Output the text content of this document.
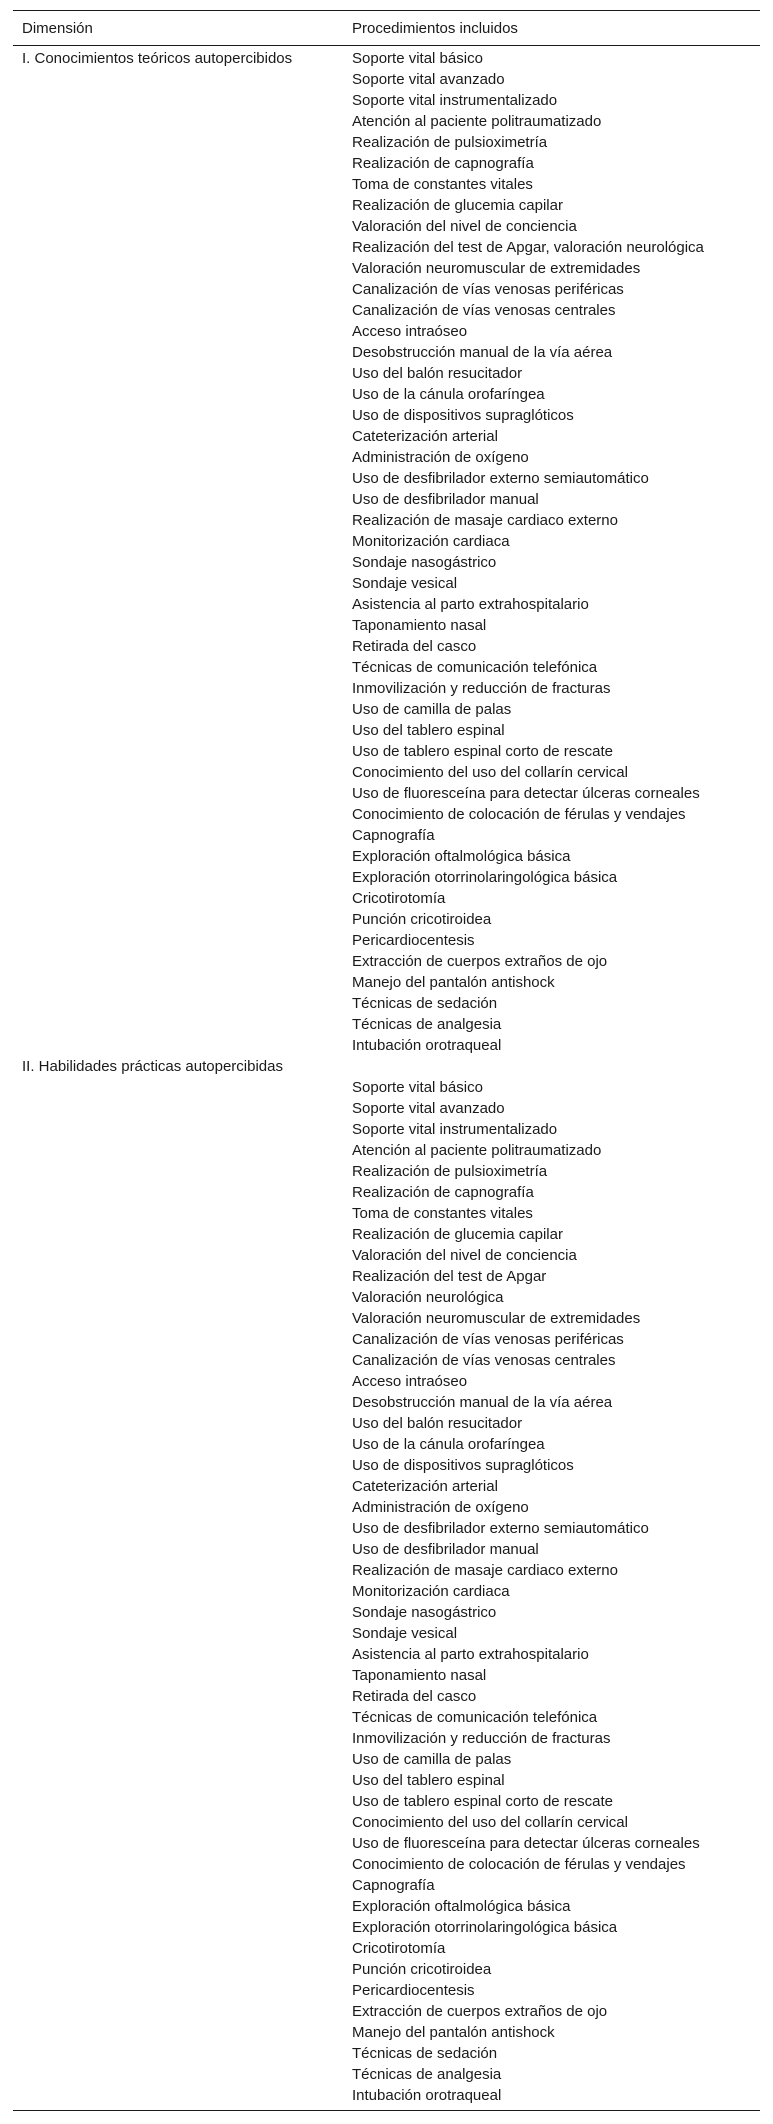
Dimensión	Procedimientos incluidos
I. Conocimientos teóricos autopercibidos	Soporte vital básico
Soporte vital avanzado
Soporte vital instrumentalizado
Atención al paciente politraumatizado
Realización de pulsioximetría
Realización de capnografía
Toma de constantes vitales
Realización de glucemia capilar
Valoración del nivel de conciencia
Realización del test de Apgar, valoración neurológica
Valoración neuromuscular de extremidades
Canalización de vías venosas periféricas
Canalización de vías venosas centrales
Acceso intraóseo
Desobstrucción manual de la vía aérea
Uso del balón resucitador
Uso de la cánula orofaríngea
Uso de dispositivos supraglóticos
Cateterización arterial
Administración de oxígeno
Uso de desfibrilador externo semiautomático
Uso de desfibrilador manual
Realización de masaje cardiaco externo
Monitorización cardiaca
Sondaje nasogástrico
Sondaje vesical
Asistencia al parto extrahospitalario
Taponamiento nasal
Retirada del casco
Técnicas de comunicación telefónica
Inmovilización y reducción de fracturas
Uso de camilla de palas
Uso del tablero espinal
Uso de tablero espinal corto de rescate
Conocimiento del uso del collarín cervical
Uso de fluoresceína para detectar úlceras corneales
Conocimiento de colocación de férulas y vendajes
Capnografía
Exploración oftalmológica básica
Exploración otorrinolaringológica básica
Cricotirotomía
Punción cricotiroidea
Pericardiocentesis
Extracción de cuerpos extraños de ojo
Manejo del pantalón antishock
Técnicas de sedación
Técnicas de analgesia
Intubación orotraqueal
II. Habilidades prácticas autopercibidas
Soporte vital básico
Soporte vital avanzado
Soporte vital instrumentalizado
Atención al paciente politraumatizado
Realización de pulsioximetría
Realización de capnografía
Toma de constantes vitales
Realización de glucemia capilar
Valoración del nivel de conciencia
Realización del test de Apgar
Valoración neurológica
Valoración neuromuscular de extremidades
Canalización de vías venosas periféricas
Canalización de vías venosas centrales
Acceso intraóseo
Desobstrucción manual de la vía aérea
Uso del balón resucitador
Uso de la cánula orofaríngea
Uso de dispositivos supraglóticos
Cateterización arterial
Administración de oxígeno
Uso de desfibrilador externo semiautomático
Uso de desfibrilador manual
Realización de masaje cardiaco externo
Monitorización cardiaca
Sondaje nasogástrico
Sondaje vesical
Asistencia al parto extrahospitalario
Taponamiento nasal
Retirada del casco
Técnicas de comunicación telefónica
Inmovilización y reducción de fracturas
Uso de camilla de palas
Uso del tablero espinal
Uso de tablero espinal corto de rescate
Conocimiento del uso del collarín cervical
Uso de fluoresceína para detectar úlceras corneales
Conocimiento de colocación de férulas y vendajes
Capnografía
Exploración oftalmológica básica
Exploración otorrinolaringológica básica
Cricotirotomía
Punción cricotiroidea
Pericardiocentesis
Extracción de cuerpos extraños de ojo
Manejo del pantalón antishock
Técnicas de sedación
Técnicas de analgesia
Intubación orotraqueal
